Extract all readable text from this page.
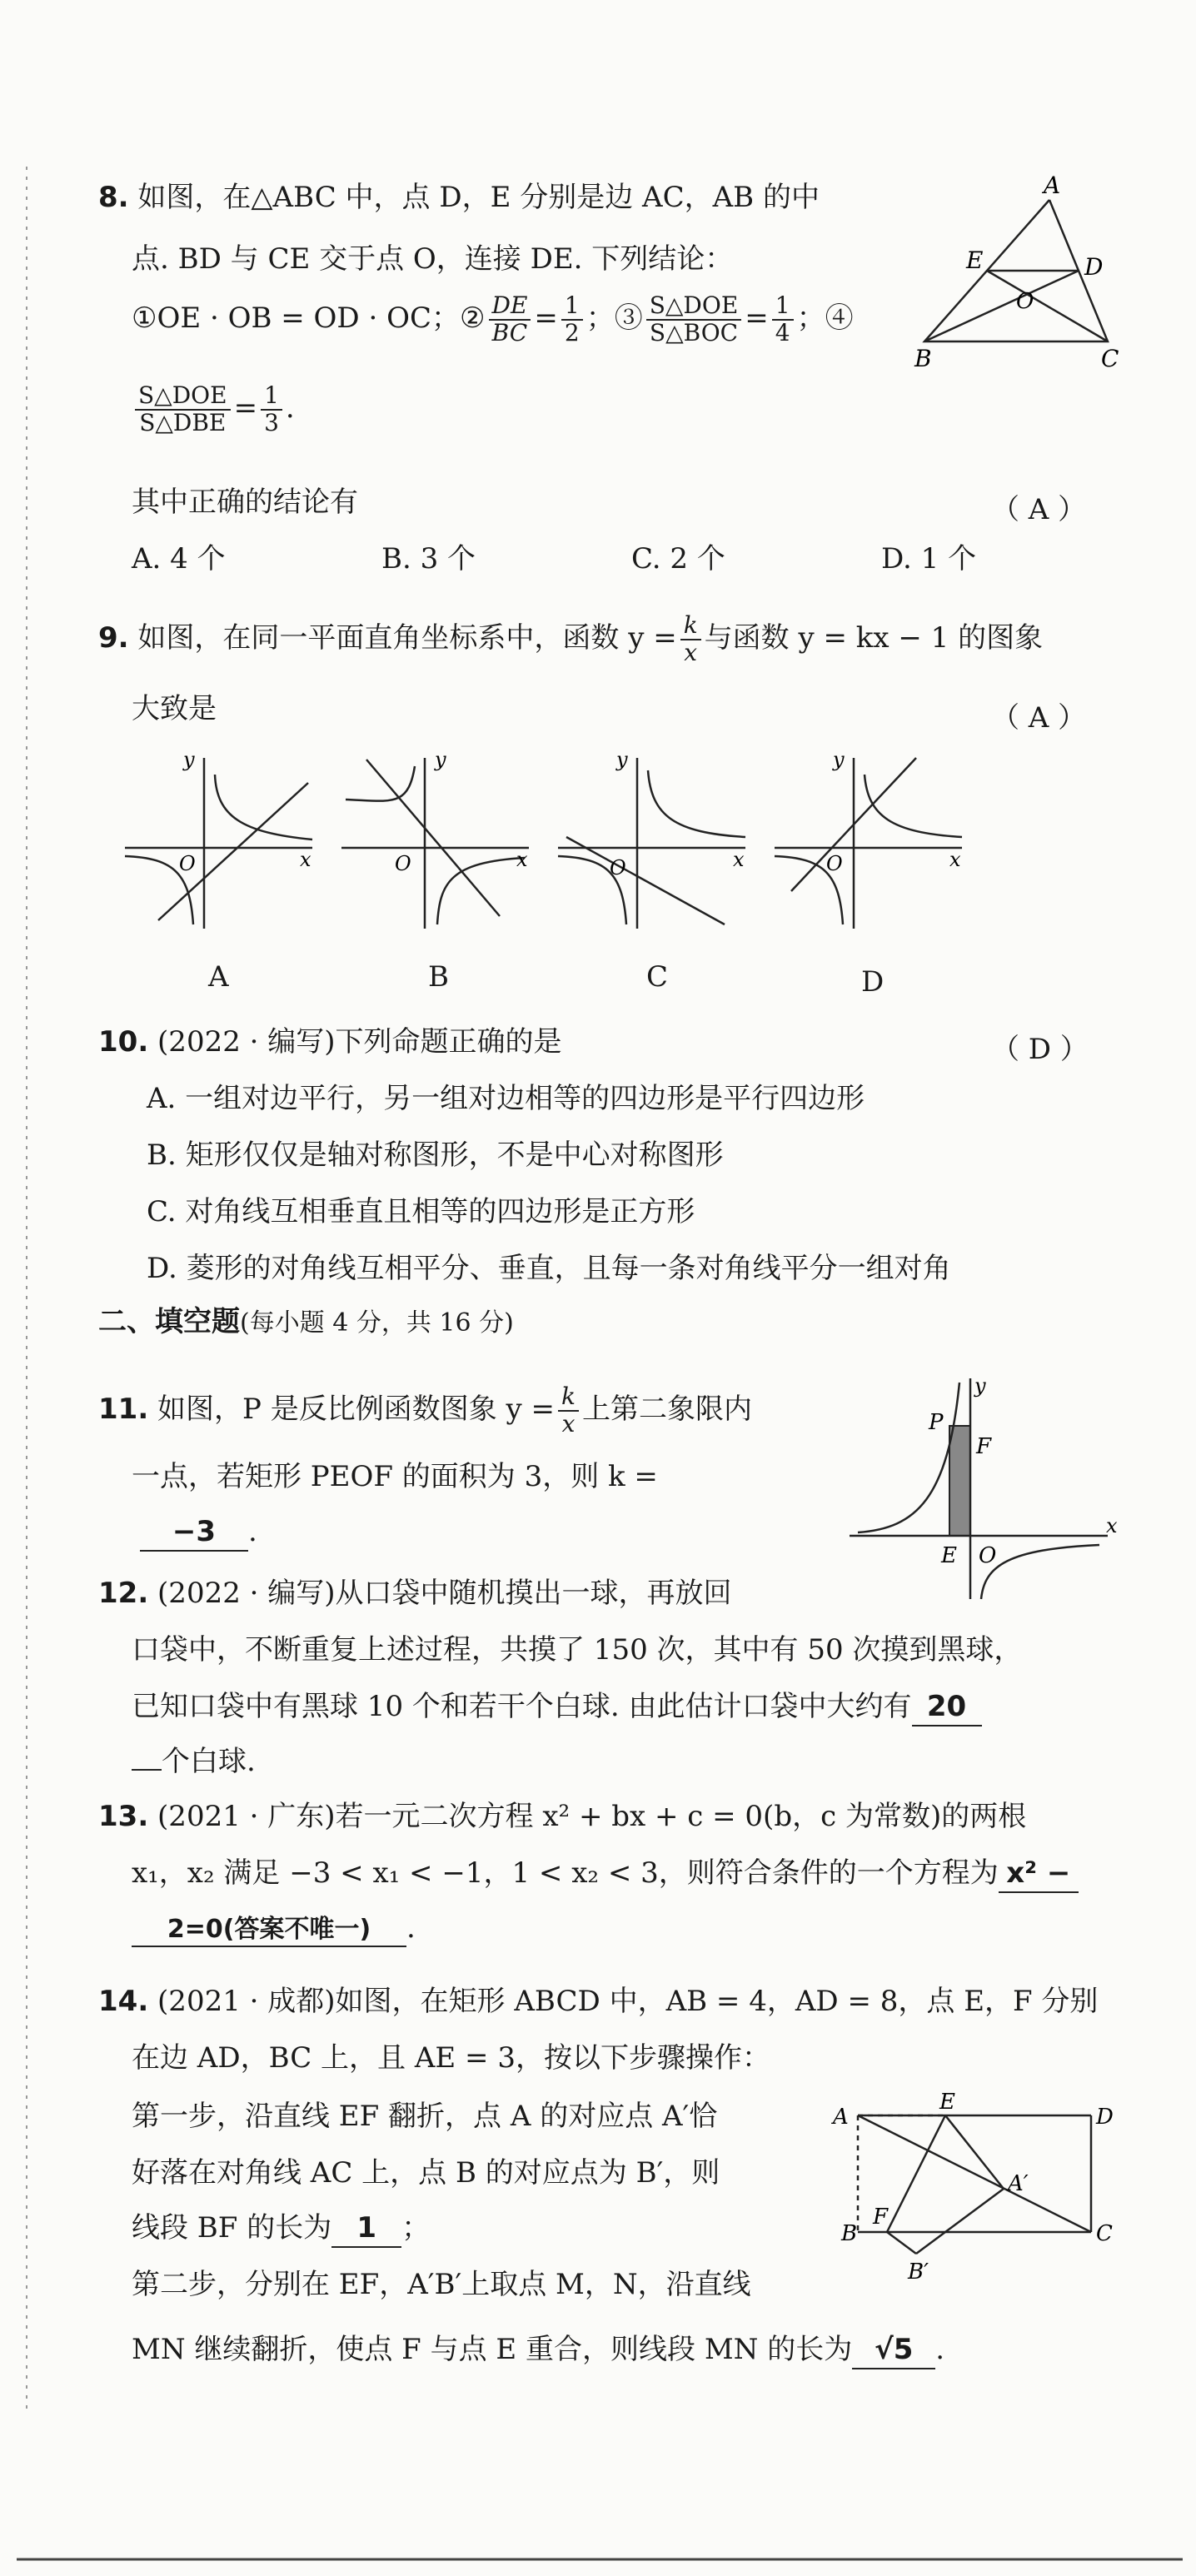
8. 如图，在△ABC 中，点 D，E 分别是边 AC，AB 的中
点. BD 与 CE 交于点 O，连接 DE. 下列结论：
①OE · OB = OD · OC；② $\frac{DE}{BC} = \frac{1}{2}$ ；③ $\frac{\text{S△DOE}}{\text{S△BOC}} = \frac{1}{4}$ ；④
$\frac{\text{S△DOE}}{\text{S△DBE}} = \frac{1}{3}$ .
其中正确的结论有	（ A ）
A. 4 个	B. 3 个	C. 2 个	D. 1 个
A
E	D
O
B	C
9. 如图，在同一平面直角坐标系中，函数 $y = \frac{k}{x}$ 与函数 y = kx − 1 的图象
大致是	（ A ）
y
x
O
y
x
O
y
x
O
y
x
O
A	B	C	D
10. (2022 · 编写)下列命题正确的是	（ D ）
A. 一组对边平行，另一组对边相等的四边形是平行四边形
B. 矩形仅仅是轴对称图形，不是中心对称图形
C. 对角线互相垂直且相等的四边形是正方形
D. 菱形的对角线互相平分、垂直，且每一条对角线平分一组对角
二、填空题(每小题 4 分，共 16 分)
11. 如图，P 是反比例函数图象 $y = \frac{k}{x}$ 上第二象限内
一点，若矩形 PEOF 的面积为 3，则 k =
−3 .
y
x
P
F
E O
12. (2022 · 编写)从口袋中随机摸出一球，再放回
口袋中，不断重复上述过程，共摸了 150 次，其中有 50 次摸到黑球，
已知口袋中有黑球 10 个和若干个白球. 由此估计口袋中大约有 20
个白球.
13. (2021 · 广东)若一元二次方程 x² + bx + c = 0(b，c 为常数)的两根
x₁，x₂ 满足 −3 < x₁ < −1，1 < x₂ < 3，则符合条件的一个方程为 x² −
2=0(答案不唯一) .
14. (2021 · 成都)如图，在矩形 ABCD 中，AB = 4，AD = 8，点 E，F 分别
在边 AD，BC 上，且 AE = 3，按以下步骤操作：
第一步，沿直线 EF 翻折，点 A 的对应点 A′恰
好落在对角线 AC 上，点 B 的对应点为 B′，则
线段 BF 的长为 1 ；
第二步，分别在 EF，A′B′上取点 M，N，沿直线
MN 继续翻折，使点 F 与点 E 重合，则线段 MN 的长为 √5 .
A
E
D
A′
B
F
C
B′
